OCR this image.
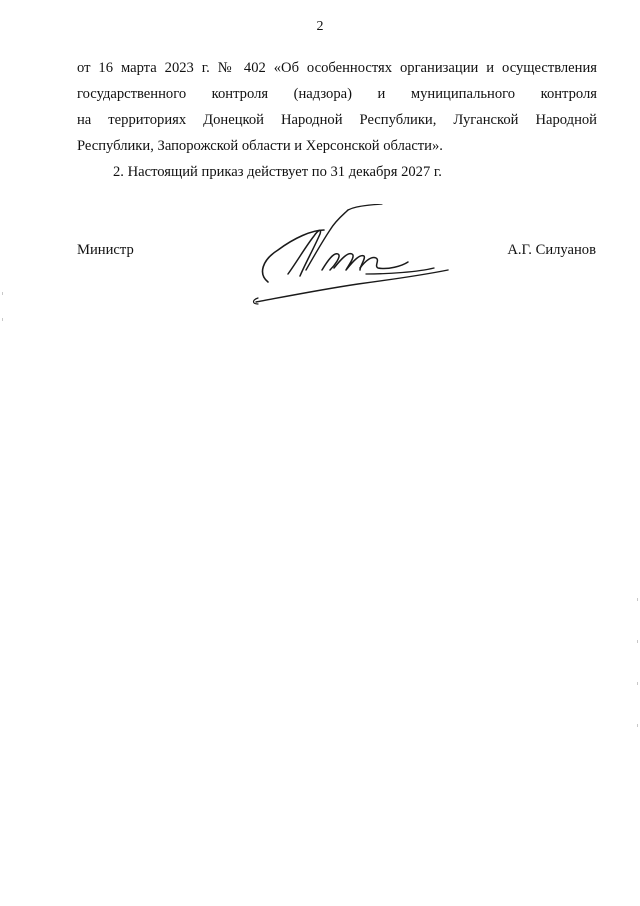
2
от 16 марта 2023 г. № 402 «Об особенностях организации и осуществления
государственного контроля (надзора) и муниципального контроля
на территориях Донецкой Народной Республики, Луганской Народной
Республики, Запорожской области и Херсонской области».
2. Настоящий приказ действует по 31 декабря 2027 г.
Министр	А.Г. Силуанов
